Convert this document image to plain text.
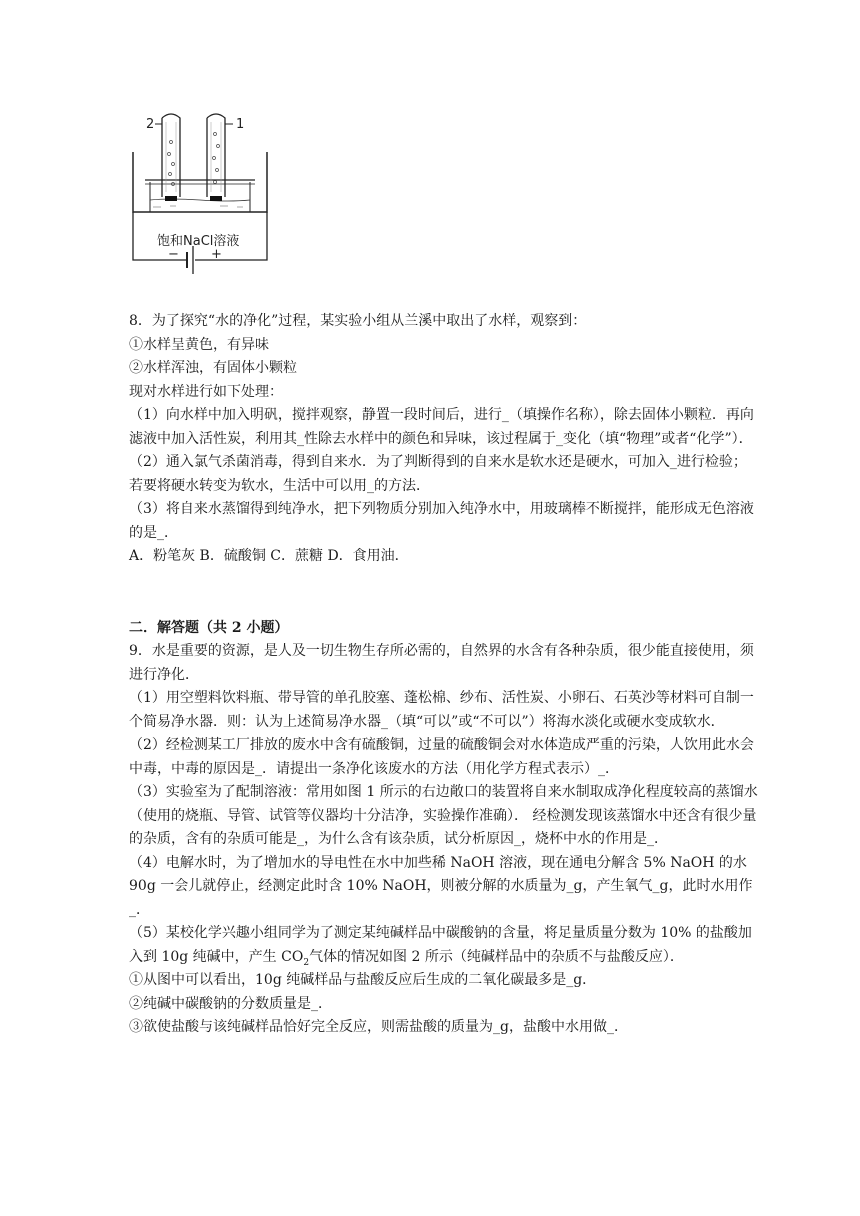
2	1
饱和NaCl溶液
− +

8．为了探究“水的净化”过程，某实验小组从兰溪中取出了水样，观察到：

①水样呈黄色，有异味

②水样浑浊，有固体小颗粒

现对水样进行如下处理：

（1）向水样中加入明矾，搅拌观察，静置一段时间后，进行_（填操作名称），除去固体小颗粒．再向滤液中加入活性炭，利用其_性除去水样中的颜色和异味，该过程属于_变化（填“物理”或者“化学”）．

（2）通入氯气杀菌消毒，得到自来水．为了判断得到的自来水是软水还是硬水，可加入_进行检验；若要将硬水转变为软水，生活中可以用_的方法．

（3）将自来水蒸馏得到纯净水，把下列物质分别加入纯净水中，用玻璃棒不断搅拌，能形成无色溶液的是_．

A．粉笔灰 B．硫酸铜 C．蔗糖 D．食用油．

二．解答题（共 2 小题）

9．水是重要的资源，是人及一切生物生存所必需的，自然界的水含有各种杂质，很少能直接使用，须进行净化．

（1）用空塑料饮料瓶、带导管的单孔胶塞、蓬松棉、纱布、活性炭、小卵石、石英沙等材料可自制一个简易净水器．则：认为上述简易净水器_（填“可以”或“不可以”）将海水淡化或硬水变成软水．

（2）经检测某工厂排放的废水中含有硫酸铜，过量的硫酸铜会对水体造成严重的污染，人饮用此水会中毒，中毒的原因是_．请提出一条净化该废水的方法（用化学方程式表示）_．

（3）实验室为了配制溶液：常用如图 1 所示的右边敞口的装置将自来水制取成净化程度较高的蒸馏水（使用的烧瓶、导管、试管等仪器均十分洁净，实验操作准确）． 经检测发现该蒸馏水中还含有很少量的杂质，含有的杂质可能是_，为什么含有该杂质，试分析原因_，烧杯中水的作用是_．

（4）电解水时，为了增加水的导电性在水中加些稀 NaOH 溶液，现在通电分解含 5% NaOH 的水 90g 一会儿就停止，经测定此时含 10% NaOH，则被分解的水质量为_g，产生氧气_g，此时水用作_．

（5）某校化学兴趣小组同学为了测定某纯碱样品中碳酸钠的含量，将足量质量分数为 10% 的盐酸加入到 10g 纯碱中，产生 $CO_2$气体的情况如图 2 所示（纯碱样品中的杂质不与盐酸反应）．

①从图中可以看出，10g 纯碱样品与盐酸反应后生成的二氧化碳最多是_g．

②纯碱中碳酸钠的分数质量是_．

③欲使盐酸与该纯碱样品恰好完全反应，则需盐酸的质量为_g，盐酸中水用做_．
